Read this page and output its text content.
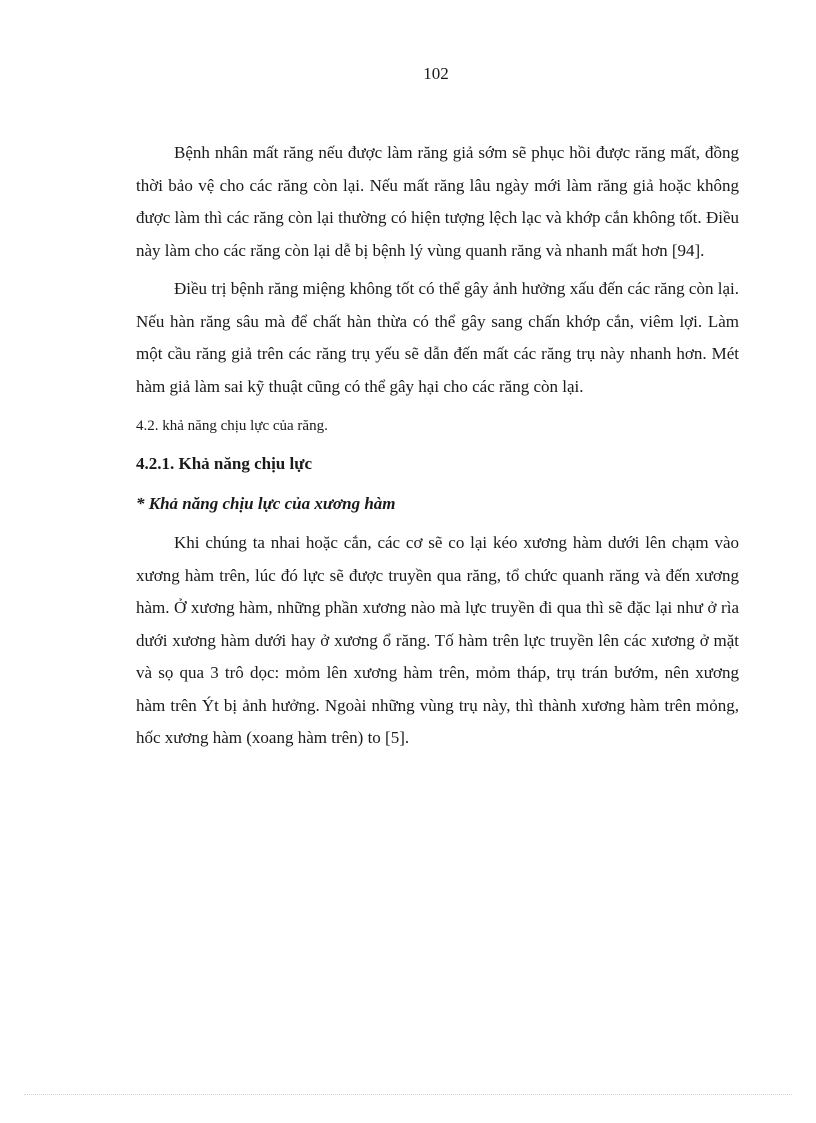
102

Bệnh nhân mất răng nếu được làm răng giả sớm sẽ phục hồi được răng mất, đồng thời bảo vệ cho các răng còn lại. Nếu mất răng lâu ngày mới làm răng giả hoặc không được làm thì các răng còn lại thường có hiện tượng lệch lạc và khớp cắn không tốt. Điều này làm cho các răng còn lại dễ bị bệnh lý vùng quanh răng và nhanh mất hơn [94].

Điều trị bệnh răng miệng không tốt có thể gây ảnh hưởng xấu đến các răng còn lại. Nếu hàn răng sâu mà để chất hàn thừa có thể gây sang chấn khớp cắn, viêm lợi. Làm một cầu răng giả trên các răng trụ yếu sẽ dẫn đến mất các răng trụ này nhanh hơn. Mét hàm giả làm sai kỹ thuật cũng có thể gây hại cho các răng còn lại.

4.2. khả năng chịu lực của răng.

4.2.1. Khả năng chịu lực

* Khả năng chịu lực của xương hàm

Khi chúng ta nhai hoặc cắn, các cơ sẽ co lại kéo xương hàm dưới lên chạm vào xương hàm trên, lúc đó lực sẽ được truyền qua răng, tổ chức quanh răng và đến xương hàm. Ở xương hàm, những phần xương nào mà lực truyền đi qua thì sẽ đặc lại như ở rìa dưới xương hàm dưới hay ở xương ổ răng. Tố hàm trên lực truyền lên các xương ở mặt và sọ qua 3 trô dọc: mỏm lên xương hàm trên, mỏm tháp, trụ trán bướm, nên xương hàm trên Ýt bị ảnh hưởng. Ngoài những vùng trụ này, thì thành xương hàm trên mỏng, hốc xương hàm (xoang hàm trên) to [5].
